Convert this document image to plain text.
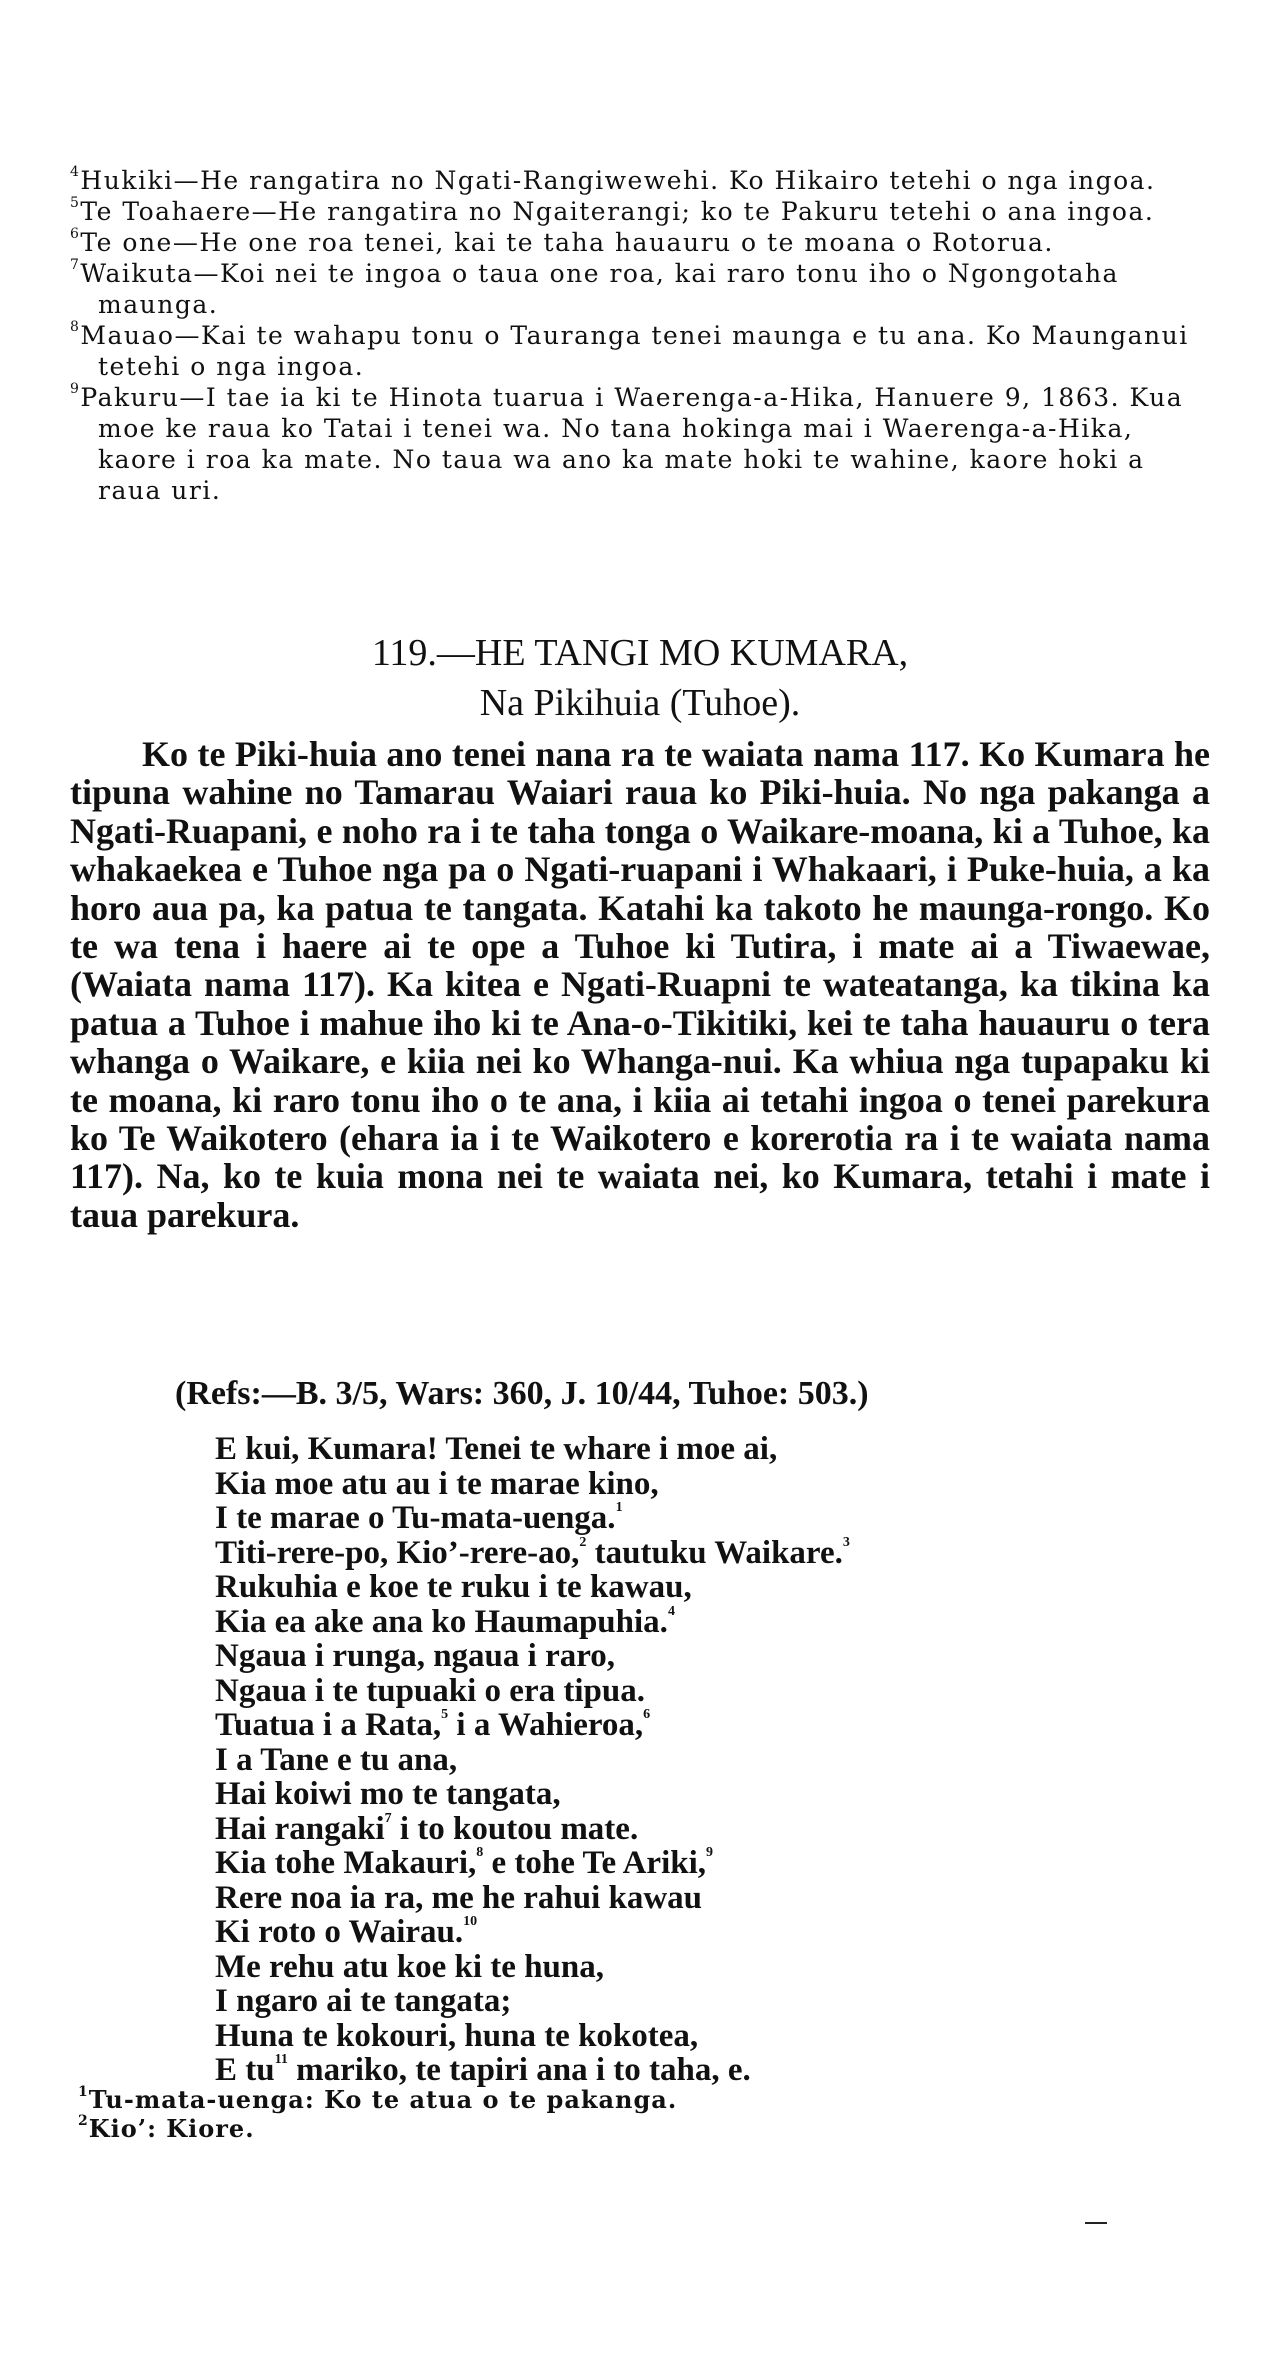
$^4$Hukiki—He rangatira no Ngati-Rangiwewehi. Ko Hikairo tetehi o nga ingoa.

$^5$Te Toahaere—He rangatira no Ngaiterangi; ko te Pakuru tetehi o ana ingoa.

$^6$Te one—He one roa tenei, kai te taha hauauru o te moana o Rotorua.

$^7$Waikuta—Koi nei te ingoa o taua one roa, kai raro tonu iho o Ngongotaha maunga.

$^8$Mauao—Kai te wahapu tonu o Tauranga tenei maunga e tu ana. Ko Maunganui tetehi o nga ingoa.

$^9$Pakuru—I tae ia ki te Hinota tuarua i Waerenga-a-Hika, Hanuere 9, 1863. Kua moe ke raua ko Tatai i tenei wa. No tana hokinga mai i Waerenga-a-Hika, kaore i roa ka mate. No taua wa ano ka mate hoki te wahine, kaore hoki a raua uri.

119.—HE TANGI MO KUMARA,
Na Pikihuia (Tuhoe).

Ko te Piki-huia ano tenei nana ra te waiata nama 117. Ko Kumara he tipuna wahine no Tamarau Waiari raua ko Piki-huia. No nga pakanga a Ngati-Ruapani, e noho ra i te taha tonga o Waikare-moana, ki a Tuhoe, ka whakaekea e Tuhoe nga pa o Ngati-ruapani i Whakaari, i Puke-huia, a ka horo aua pa, ka patua te tangata. Katahi ka takoto he maunga-rongo. Ko te wa tena i haere ai te ope a Tuhoe ki Tutira, i mate ai a Tiwaewae, (Waiata nama 117). Ka kitea e Ngati-Ruapni te wateatanga, ka tikina ka patua a Tuhoe i mahue iho ki te Ana-o-Tikitiki, kei te taha hauauru o tera whanga o Waikare, e kiia nei ko Whanga-nui. Ka whiua nga tupapaku ki te moana, ki raro tonu iho o te ana, i kiia ai tetahi ingoa o tenei parekura ko Te Waikotero (ehara ia i te Waikotero e korerotia ra i te waiata nama 117). Na, ko te kuia mona nei te waiata nei, ko Kumara, tetahi i mate i taua parekura.

(Refs:—B. 3/5, Wars: 360, J. 10/44, Tuhoe: 503.)
E kui, Kumara! Tenei te whare i moe ai,
Kia moe atu au i te marae kino,
I te marae o Tu-mata-uenga.$^1$
Titi-rere-po, Kio’-rere-ao,$^2$ tautuku Waikare.$^3$
Rukuhia e koe te ruku i te kawau,
Kia ea ake ana ko Haumapuhia.$^4$
Ngaua i runga, ngaua i raro,
Ngaua i te tupuaki o era tipua.
Tuatua i a Rata,$^5$ i a Wahieroa,$^6$
I a Tane e tu ana,
Hai koiwi mo te tangata,
Hai rangaki$^7$ i to koutou mate.
Kia tohe Makauri,$^8$ e tohe Te Ariki,$^9$
Rere noa ia ra, me he rahui kawau
Ki roto o Wairau.$^{10}$
Me rehu atu koe ki te huna,
I ngaro ai te tangata;
Huna te kokouri, huna te kokotea,
E $tu^{11}$ mariko, te tapiri ana i to taha, e.

$^1$Tu-mata-uenga: Ko te atua o te pakanga.

$^2$Kio’: Kiore.
